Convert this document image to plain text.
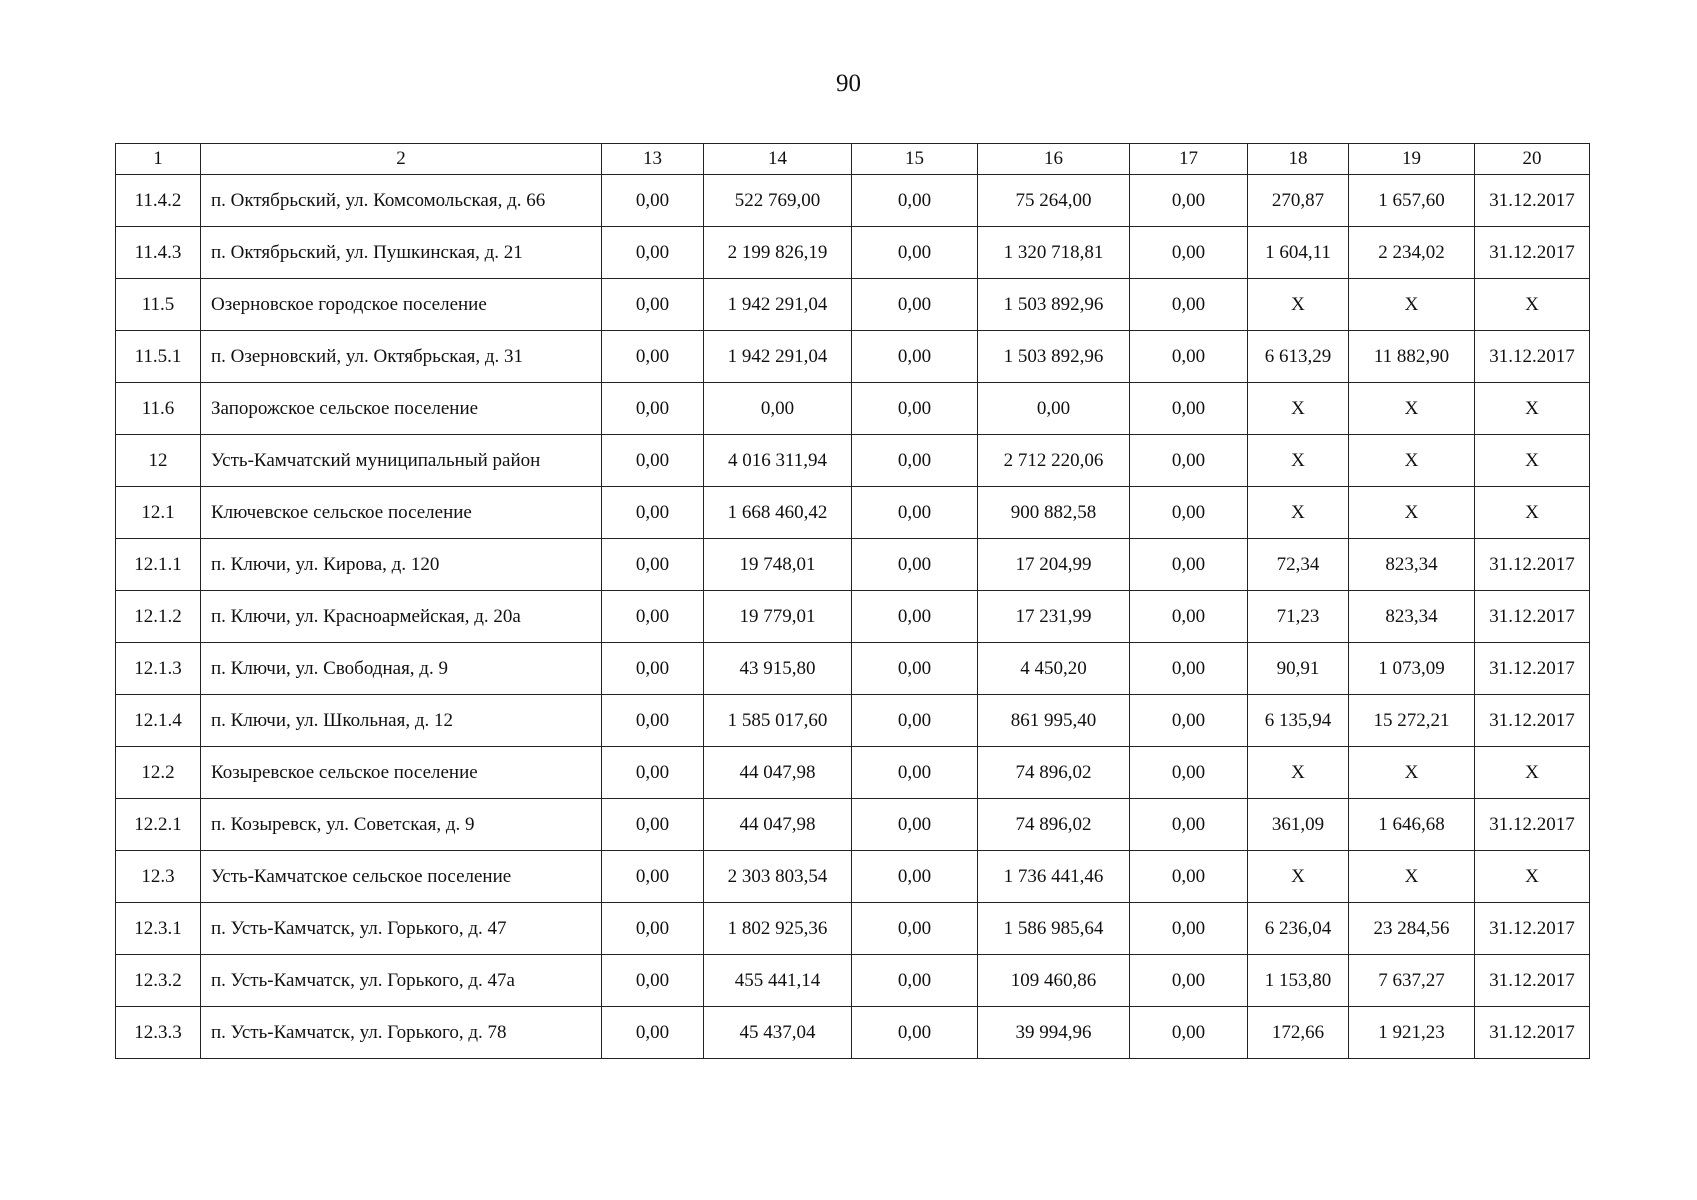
90
1	2	13	14	15	16	17	18	19	20
11.4.2	п. Октябрьский, ул. Комсомольская, д. 66	0,00	522 769,00	0,00	75 264,00	0,00	270,87	1 657,60	31.12.2017
11.4.3	п. Октябрьский, ул. Пушкинская, д. 21	0,00	2 199 826,19	0,00	1 320 718,81	0,00	1 604,11	2 234,02	31.12.2017
11.5	Озерновское городское поселение	0,00	1 942 291,04	0,00	1 503 892,96	0,00	X	X	X
11.5.1	п. Озерновский, ул. Октябрьская, д. 31	0,00	1 942 291,04	0,00	1 503 892,96	0,00	6 613,29	11 882,90	31.12.2017
11.6	Запорожское сельское поселение	0,00	0,00	0,00	0,00	0,00	X	X	X
12	Усть-Камчатский муниципальный район	0,00	4 016 311,94	0,00	2 712 220,06	0,00	X	X	X
12.1	Ключевское сельское поселение	0,00	1 668 460,42	0,00	900 882,58	0,00	X	X	X
12.1.1	п. Ключи, ул. Кирова, д. 120	0,00	19 748,01	0,00	17 204,99	0,00	72,34	823,34	31.12.2017
12.1.2	п. Ключи, ул. Красноармейская, д. 20а	0,00	19 779,01	0,00	17 231,99	0,00	71,23	823,34	31.12.2017
12.1.3	п. Ключи, ул. Свободная, д. 9	0,00	43 915,80	0,00	4 450,20	0,00	90,91	1 073,09	31.12.2017
12.1.4	п. Ключи, ул. Школьная, д. 12	0,00	1 585 017,60	0,00	861 995,40	0,00	6 135,94	15 272,21	31.12.2017
12.2	Козыревское сельское поселение	0,00	44 047,98	0,00	74 896,02	0,00	X	X	X
12.2.1	п. Козыревск, ул. Советская, д. 9	0,00	44 047,98	0,00	74 896,02	0,00	361,09	1 646,68	31.12.2017
12.3	Усть-Камчатское сельское поселение	0,00	2 303 803,54	0,00	1 736 441,46	0,00	X	X	X
12.3.1	п. Усть-Камчатск, ул. Горького, д. 47	0,00	1 802 925,36	0,00	1 586 985,64	0,00	6 236,04	23 284,56	31.12.2017
12.3.2	п. Усть-Камчатск, ул. Горького, д. 47а	0,00	455 441,14	0,00	109 460,86	0,00	1 153,80	7 637,27	31.12.2017
12.3.3	п. Усть-Камчатск, ул. Горького, д. 78	0,00	45 437,04	0,00	39 994,96	0,00	172,66	1 921,23	31.12.2017
